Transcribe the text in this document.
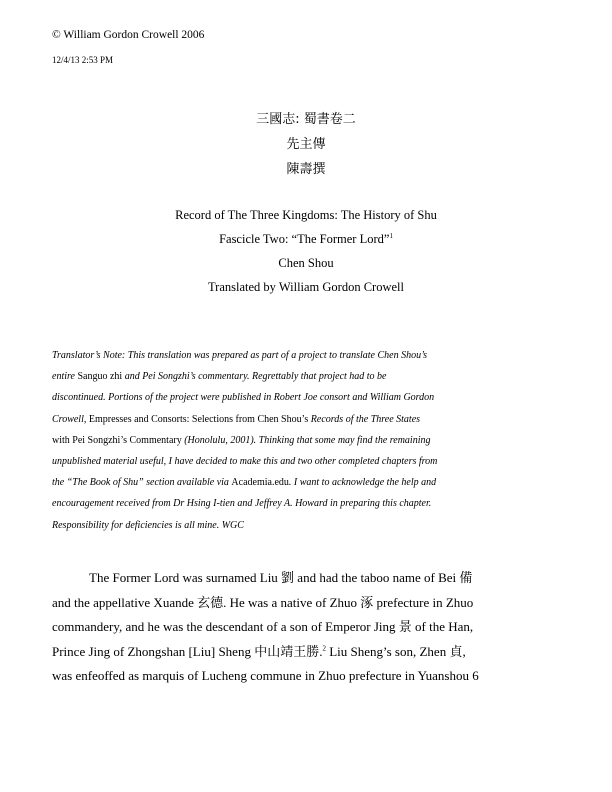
© William Gordon Crowell 2006
12/4/13 2:53 PM
三國志: 蜀書卷二
先主傳
陳壽撰
Record of The Three Kingdoms: The History of Shu
Fascicle Two: “The Former Lord”$^1$
Chen Shou
Translated by William Gordon Crowell
Translator’s Note: This translation was prepared as part of a project to translate Chen Shou’s
entire Sanguo zhi and Pei Songzhi’s commentary. Regrettably that project had to be
discontinued. Portions of the project were published in Robert Joe consort and William Gordon
Crowell, Empresses and Consorts: Selections from Chen Shou’s Records of the Three States
with Pei Songzhi’s Commentary (Honolulu, 2001). Thinking that some may find the remaining
unpublished material useful, I have decided to make this and two other completed chapters from
the “The Book of Shu” section available via Academia.edu. I want to acknowledge the help and
encouragement received from Dr Hsing I-tien and Jeffrey A. Howard in preparing this chapter.
Responsibility for deficiencies is all mine. WGC
The Former Lord was surnamed Liu 劉 and had the taboo name of Bei 備
and the appellative Xuande 玄德. He was a native of Zhuo 涿 prefecture in Zhuo
commandery, and he was the descendant of a son of Emperor Jing 景 of the Han,
Prince Jing of Zhongshan [Liu] Sheng 中山靖王勝.$^2$ Liu Sheng’s son, Zhen 貞,
was enfeoffed as marquis of Lucheng commune in Zhuo prefecture in Yuanshou 6
